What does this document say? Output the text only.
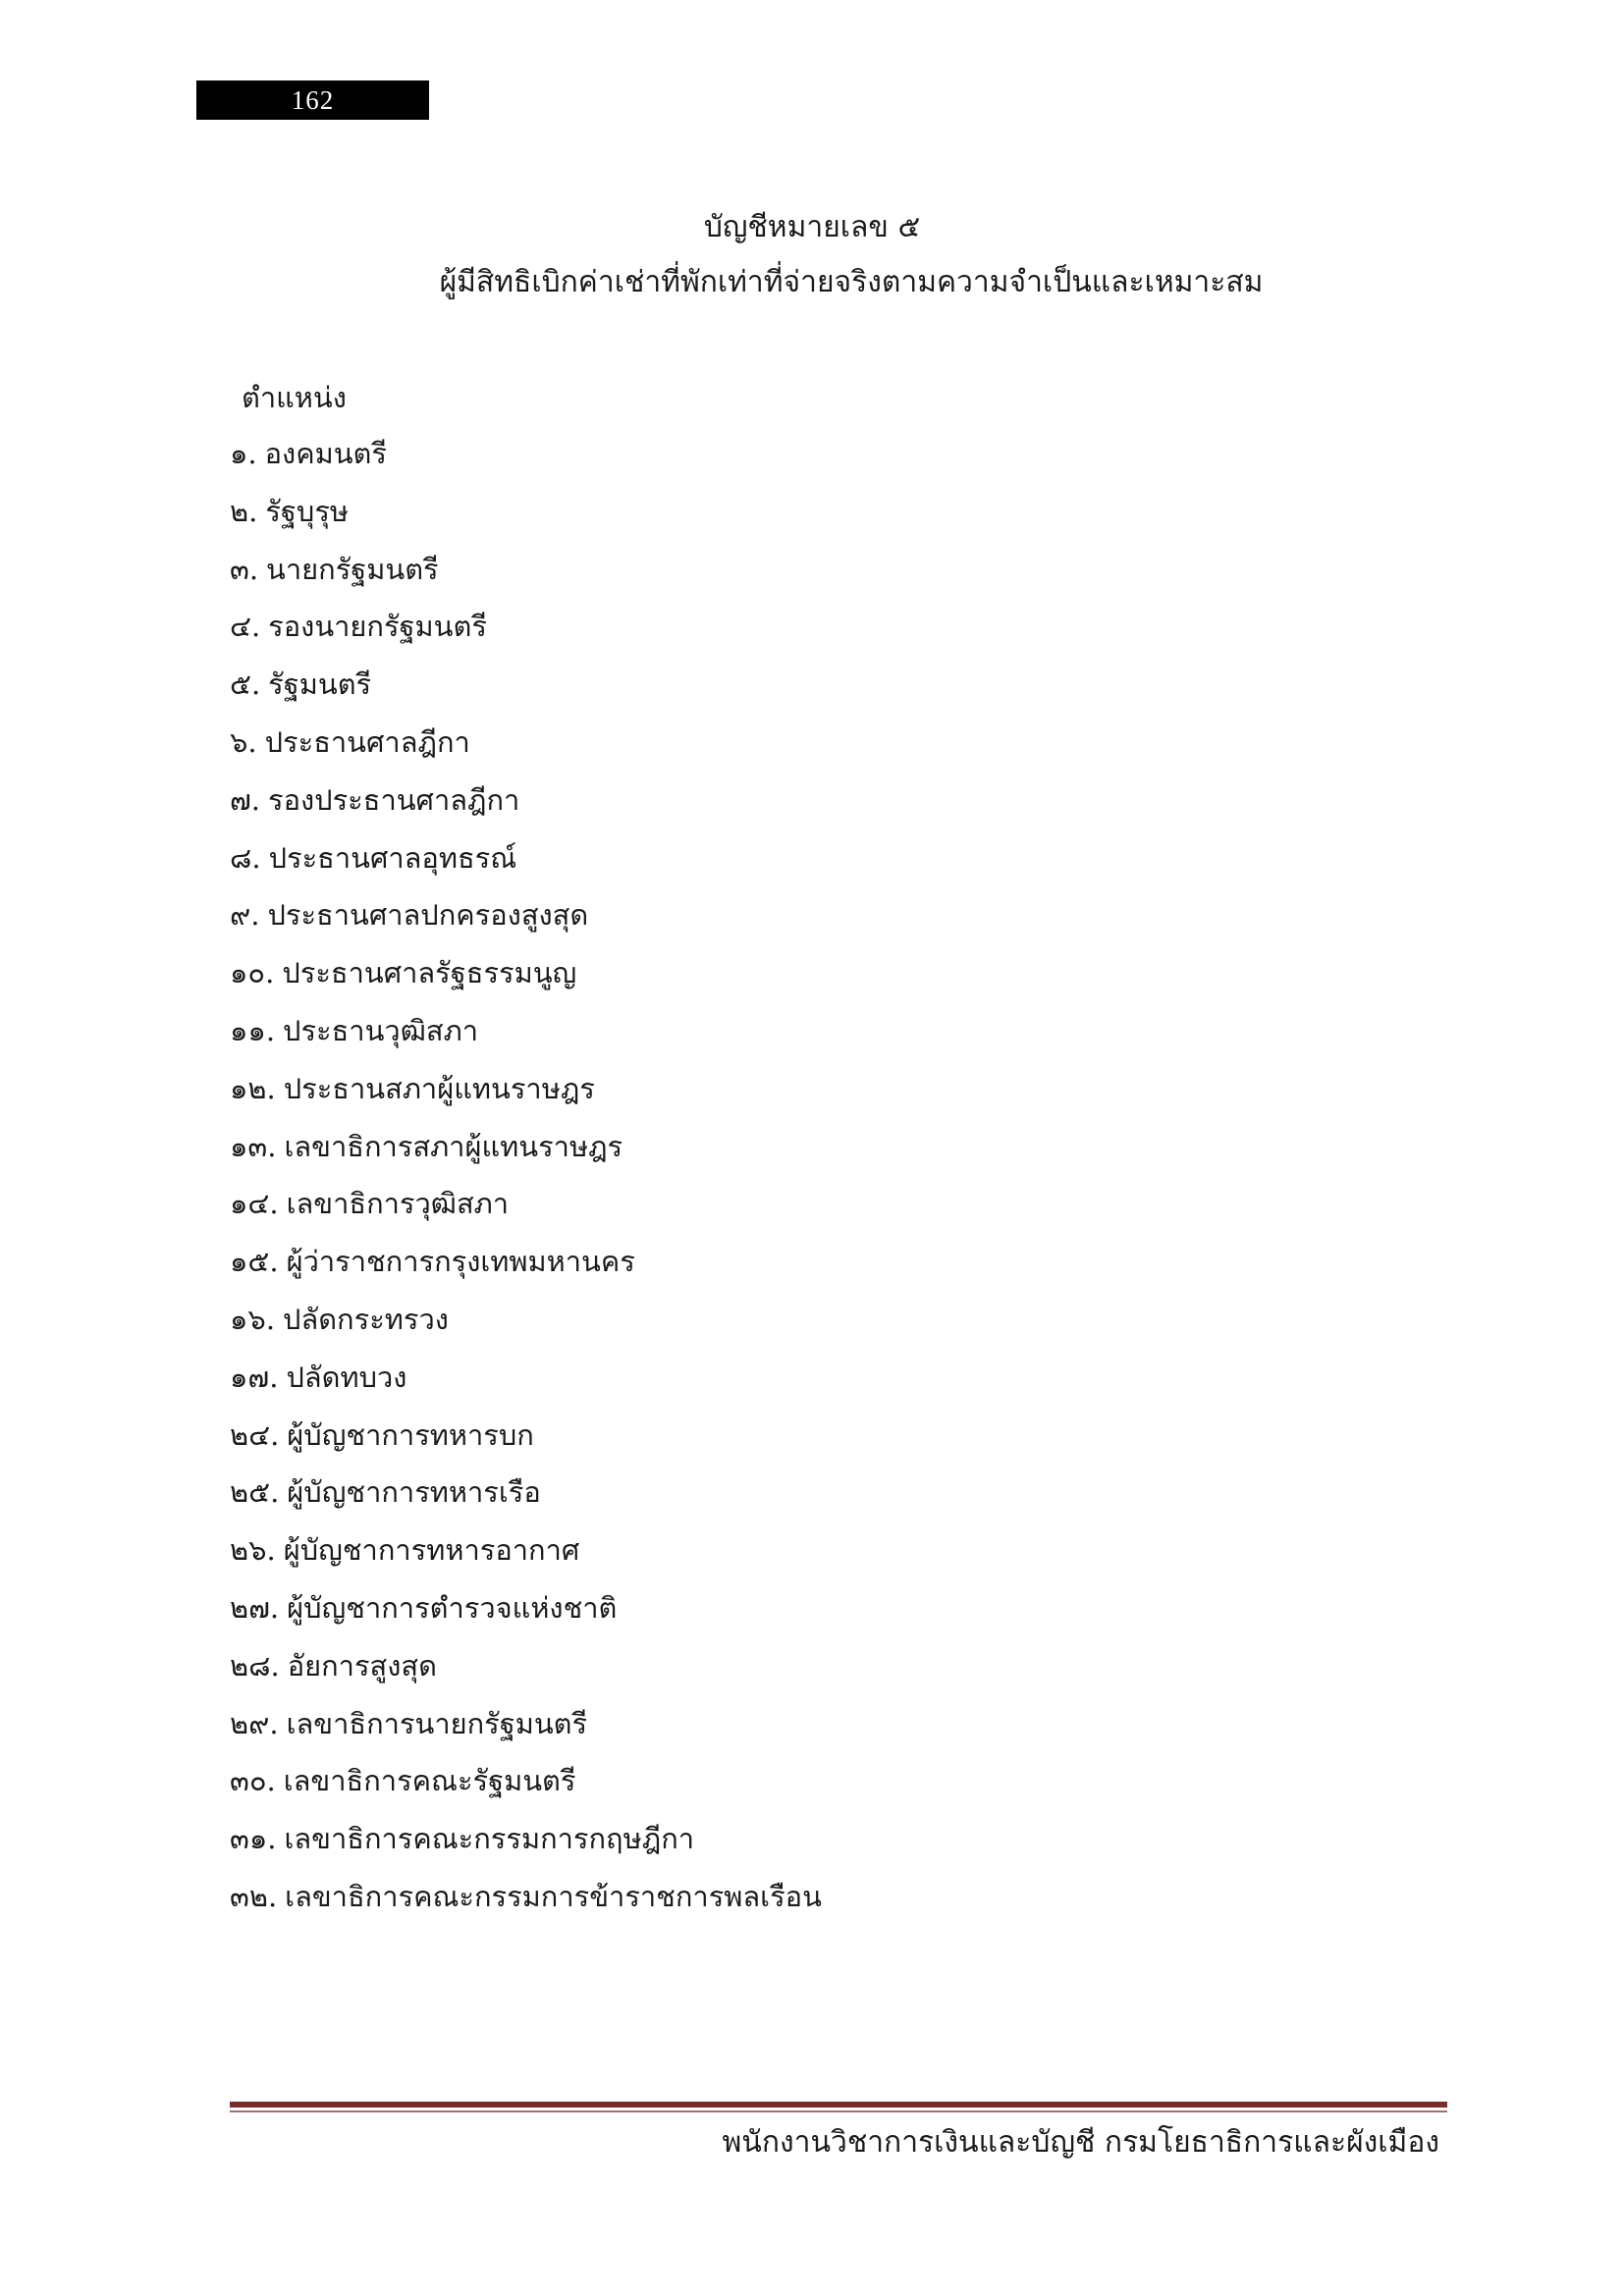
162
บัญชีหมายเลข ๕
ผู้มีสิทธิเบิกค่าเช่าที่พักเท่าที่จ่ายจริงตามความจำเป็นและเหมาะสม
ตำแหน่ง
๑. องคมนตรี
๒. รัฐบุรุษ
๓. นายกรัฐมนตรี
๔. รองนายกรัฐมนตรี
๕. รัฐมนตรี
๖. ประธานศาลฎีกา
๗. รองประธานศาลฎีกา
๘. ประธานศาลอุทธรณ์
๙. ประธานศาลปกครองสูงสุด
๑๐. ประธานศาลรัฐธรรมนูญ
๑๑. ประธานวุฒิสภา
๑๒. ประธานสภาผู้แทนราษฎร
๑๓. เลขาธิการสภาผู้แทนราษฎร
๑๔. เลขาธิการวุฒิสภา
๑๕. ผู้ว่าราชการกรุงเทพมหานคร
๑๖. ปลัดกระทรวง
๑๗. ปลัดทบวง
๒๔. ผู้บัญชาการทหารบก
๒๕. ผู้บัญชาการทหารเรือ
๒๖. ผู้บัญชาการทหารอากาศ
๒๗. ผู้บัญชาการตำรวจแห่งชาติ
๒๘. อัยการสูงสุด
๒๙. เลขาธิการนายกรัฐมนตรี
๓๐. เลขาธิการคณะรัฐมนตรี
๓๑. เลขาธิการคณะกรรมการกฤษฎีกา
๓๒. เลขาธิการคณะกรรมการข้าราชการพลเรือน
พนักงานวิชาการเงินและบัญชี กรมโยธาธิการและผังเมือง
